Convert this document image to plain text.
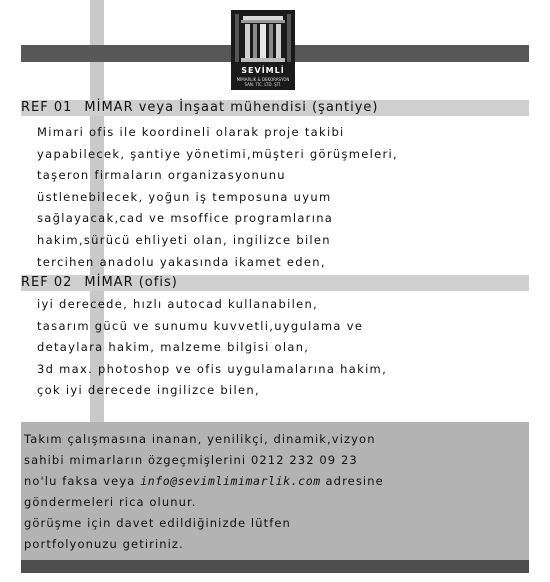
SEVİMLİ
MİMARLIK & DEKORASYON
SAN. TİC. LTD. ŞTİ.
REF 01 MİMAR veya İnşaat mühendisi (şantiye)
Mimari ofis ile koordineli olarak proje takibi
yapabilecek, şantiye yönetimi,müşteri görüşmeleri,
taşeron firmaların organizasyonunu
üstlenebilecek, yoğun iş temposuna uyum
sağlayacak,cad ve msoffice programlarına
hakim,sürücü ehliyeti olan, ingilizce bilen
tercihen anadolu yakasında ikamet eden,
REF 02 MİMAR (ofis)
iyi derecede, hızlı autocad kullanabilen,
tasarım gücü ve sunumu kuvvetli,uygulama ve
detaylara hakim, malzeme bilgisi olan,
3d max. photoshop ve ofis uygulamalarına hakim,
çok iyi derecede ingilizce bilen,
Takım çalışmasına inanan, yenilikçi, dinamik,vizyon
sahibi mimarların özgeçmişlerini 0212 232 09 23
no'lu faksa veya info@sevimlimimarlik.com adresine
göndermeleri rica olunur.
görüşme için davet edildiğinizde lütfen
portfolyonuzu getiriniz.
